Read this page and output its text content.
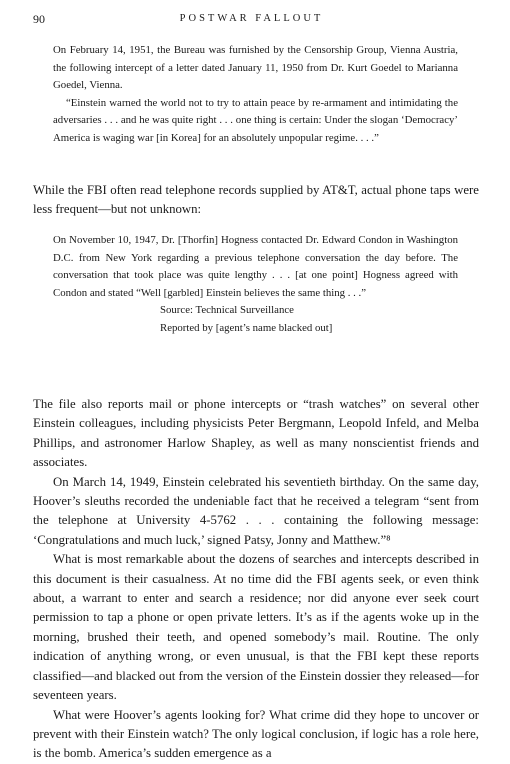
90	POSTWAR FALLOUT

On February 14, 1951, the Bureau was furnished by the Censorship Group, Vienna Austria, the following intercept of a letter dated January 11, 1950 from Dr. Kurt Goedel to Marianna Goedel, Vienna.

“Einstein warned the world not to try to attain peace by re-armament and intimidating the adversaries . . . and he was quite right . . . one thing is certain: Under the slogan ‘Democracy’ America is waging war [in Korea] for an absolutely unpopular regime. . . .”

While the FBI often read telephone records supplied by AT&T, actual phone taps were less frequent—but not unknown:

On November 10, 1947, Dr. [Thorfin] Hogness contacted Dr. Edward Condon in Washington D.C. from New York regarding a previous telephone conversation the day before. The conversation that took place was quite lengthy . . . [at one point] Hogness agreed with Condon and stated “Well [garbled] Einstein believes the same thing . . .”

Source: Technical Surveillance

Reported by [agent’s name blacked out]

The file also reports mail or phone intercepts or “trash watches” on several other Einstein colleagues, including physicists Peter Bergmann, Leopold Infeld, and Melba Phillips, and astronomer Harlow Shapley, as well as many nonscientist friends and associates.

On March 14, 1949, Einstein celebrated his seventieth birthday. On the same day, Hoover’s sleuths recorded the undeniable fact that he received a telegram “sent from the telephone at University 4-5762 . . . containing the following message: ‘Congratulations and much luck,’ signed Patsy, Jonny and Matthew.”⁸

What is most remarkable about the dozens of searches and intercepts described in this document is their casualness. At no time did the FBI agents seek, or even think about, a warrant to enter and search a residence; nor did anyone ever seek court permission to tap a phone or open private letters. It’s as if the agents woke up in the morning, brushed their teeth, and opened somebody’s mail. Routine. The only indication of anything wrong, or even unusual, is that the FBI kept these reports classified—and blacked out from the version of the Einstein dossier they released—for seventeen years.

What were Hoover’s agents looking for? What crime did they hope to uncover or prevent with their Einstein watch? The only logical conclusion, if logic has a role here, is the bomb. America’s sudden emergence as a
